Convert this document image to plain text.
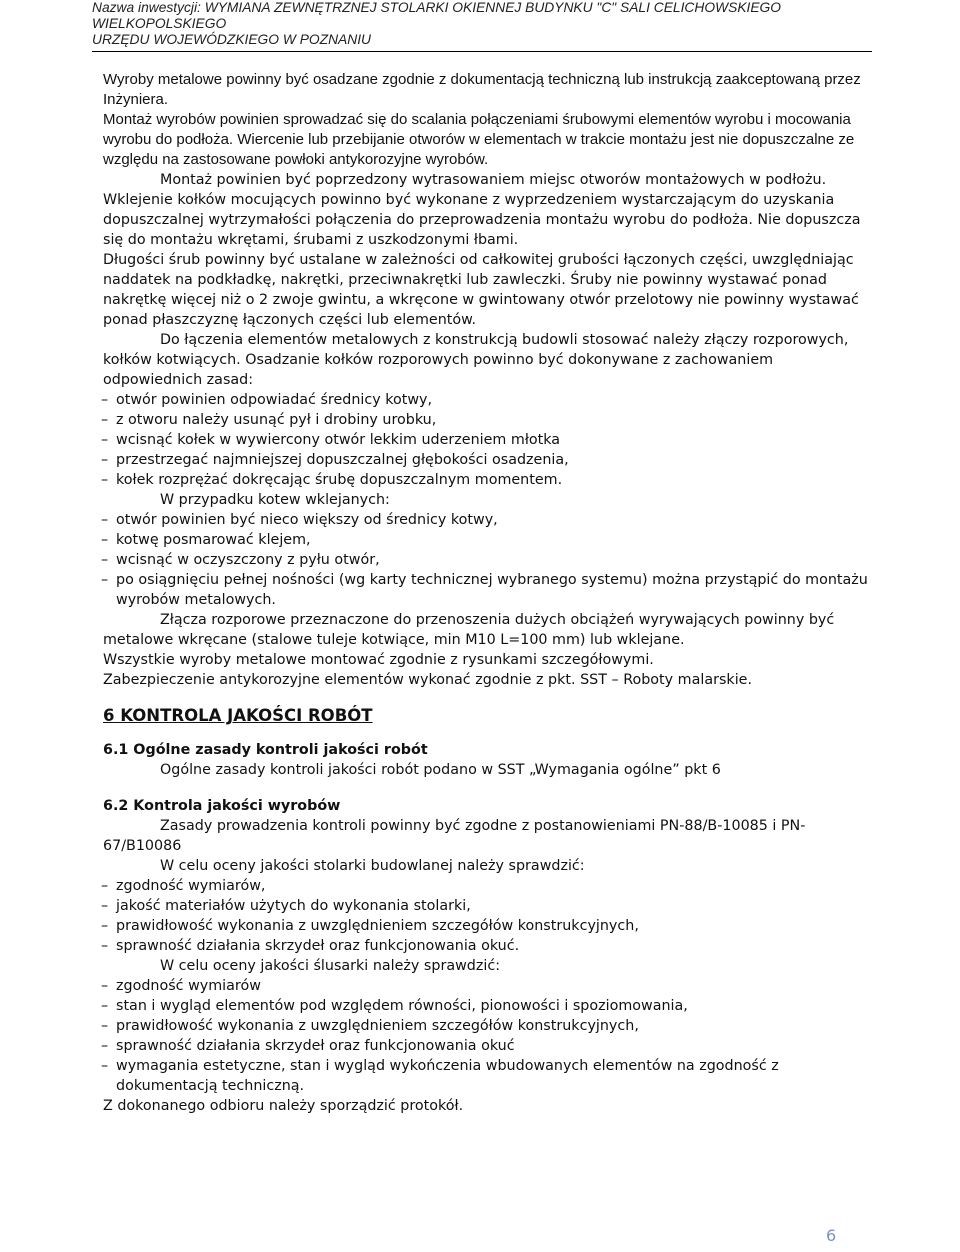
Nazwa inwestycji: WYMIANA ZEWNĘTRZNEJ STOLARKI OKIENNEJ BUDYNKU "C" SALI CELICHOWSKIEGO WIELKOPOLSKIEGO
URZĘDU WOJEWÓDZKIEGO W POZNANIU

Wyroby metalowe powinny być osadzane zgodnie z dokumentacją techniczną lub instrukcją zaakceptowaną przez Inżyniera.

Montaż wyrobów powinien sprowadzać się do scalania połączeniami śrubowymi elementów wyrobu i mocowania wyrobu do podłoża. Wiercenie lub przebijanie otworów w elementach w trakcie montażu jest nie dopuszczalne ze względu na zastosowane powłoki antykorozyjne wyrobów.

Montaż powinien być poprzedzony wytrasowaniem miejsc otworów montażowych w podłożu. Wklejenie kołków mocujących powinno być wykonane z wyprzedzeniem wystarczającym do uzyskania dopuszczalnej wytrzymałości połączenia do przeprowadzenia montażu wyrobu do podłoża. Nie dopuszcza się do montażu wkrętami, śrubami z uszkodzonymi łbami.

Długości śrub powinny być ustalane w zależności od całkowitej grubości łączonych części, uwzględniając naddatek na podkładkę, nakrętki, przeciwnakrętki lub zawleczki. Śruby nie powinny wystawać ponad nakrętkę więcej niż o 2 zwoje gwintu, a wkręcone w gwintowany otwór przelotowy nie powinny wystawać ponad płaszczyznę łączonych części lub elementów.

Do łączenia elementów metalowych z konstrukcją budowli stosować należy złączy rozporowych, kołków kotwiących. Osadzanie kołków rozporowych powinno być dokonywane z zachowaniem odpowiednich zasad:

– otwór powinien odpowiadać średnicy kotwy,
– z otworu należy usunąć pył i drobiny urobku,
– wcisnąć kołek w wywiercony otwór lekkim uderzeniem młotka
– przestrzegać najmniejszej dopuszczalnej głębokości osadzenia,
– kołek rozprężać dokręcając śrubę dopuszczalnym momentem.

W przypadku kotew wklejanych:

– otwór powinien być nieco większy od średnicy kotwy,
– kotwę posmarować klejem,
– wcisnąć w oczyszczony z pyłu otwór,
– po osiągnięciu pełnej nośności (wg karty technicznej wybranego systemu) można przystąpić do montażu wyrobów metalowych.

Złącza rozporowe przeznaczone do przenoszenia dużych obciążeń wyrywających powinny być metalowe wkręcane (stalowe tuleje kotwiące, min M10 L=100 mm) lub wklejane.

Wszystkie wyroby metalowe montować zgodnie z rysunkami szczegółowymi.

Zabezpieczenie antykorozyjne elementów wykonać zgodnie z pkt. SST – Roboty malarskie.

6 KONTROLA JAKOŚCI ROBÓT

6.1 Ogólne zasady kontroli jakości robót

Ogólne zasady kontroli jakości robót podano w SST „Wymagania ogólne” pkt 6

6.2 Kontrola jakości wyrobów

Zasady prowadzenia kontroli powinny być zgodne z postanowieniami PN-88/B-10085 i PN-67/B10086

W celu oceny jakości stolarki budowlanej należy sprawdzić:

– zgodność wymiarów,
– jakość materiałów użytych do wykonania stolarki,
– prawidłowość wykonania z uwzględnieniem szczegółów konstrukcyjnych,
– sprawność działania skrzydeł oraz funkcjonowania okuć.

W celu oceny jakości ślusarki należy sprawdzić:

– zgodność wymiarów
– stan i wygląd elementów pod względem równości, pionowości i spoziomowania,
– prawidłowość wykonania z uwzględnieniem szczegółów konstrukcyjnych,
– sprawność działania skrzydeł oraz funkcjonowania okuć
– wymagania estetyczne, stan i wygląd wykończenia wbudowanych elementów na zgodność z dokumentacją techniczną.

Z dokonanego odbioru należy sporządzić protokół.

6
